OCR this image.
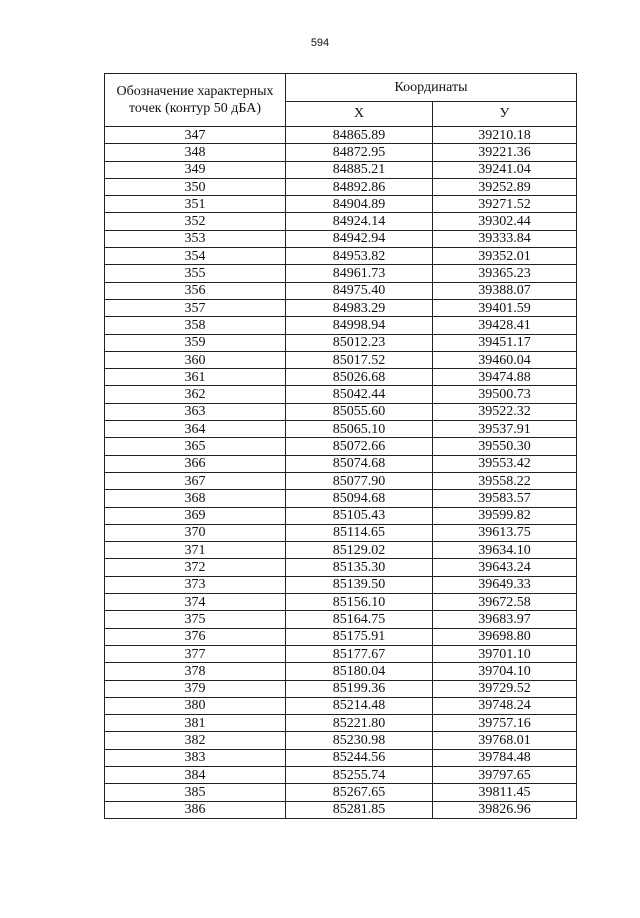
594
Обозначение характерных точек (контур 50 дБА)	Координаты	
	X	У
347	84865.89	39210.18
348	84872.95	39221.36
349	84885.21	39241.04
350	84892.86	39252.89
351	84904.89	39271.52
352	84924.14	39302.44
353	84942.94	39333.84
354	84953.82	39352.01
355	84961.73	39365.23
356	84975.40	39388.07
357	84983.29	39401.59
358	84998.94	39428.41
359	85012.23	39451.17
360	85017.52	39460.04
361	85026.68	39474.88
362	85042.44	39500.73
363	85055.60	39522.32
364	85065.10	39537.91
365	85072.66	39550.30
366	85074.68	39553.42
367	85077.90	39558.22
368	85094.68	39583.57
369	85105.43	39599.82
370	85114.65	39613.75
371	85129.02	39634.10
372	85135.30	39643.24
373	85139.50	39649.33
374	85156.10	39672.58
375	85164.75	39683.97
376	85175.91	39698.80
377	85177.67	39701.10
378	85180.04	39704.10
379	85199.36	39729.52
380	85214.48	39748.24
381	85221.80	39757.16
382	85230.98	39768.01
383	85244.56	39784.48
384	85255.74	39797.65
385	85267.65	39811.45
386	85281.85	39826.96
